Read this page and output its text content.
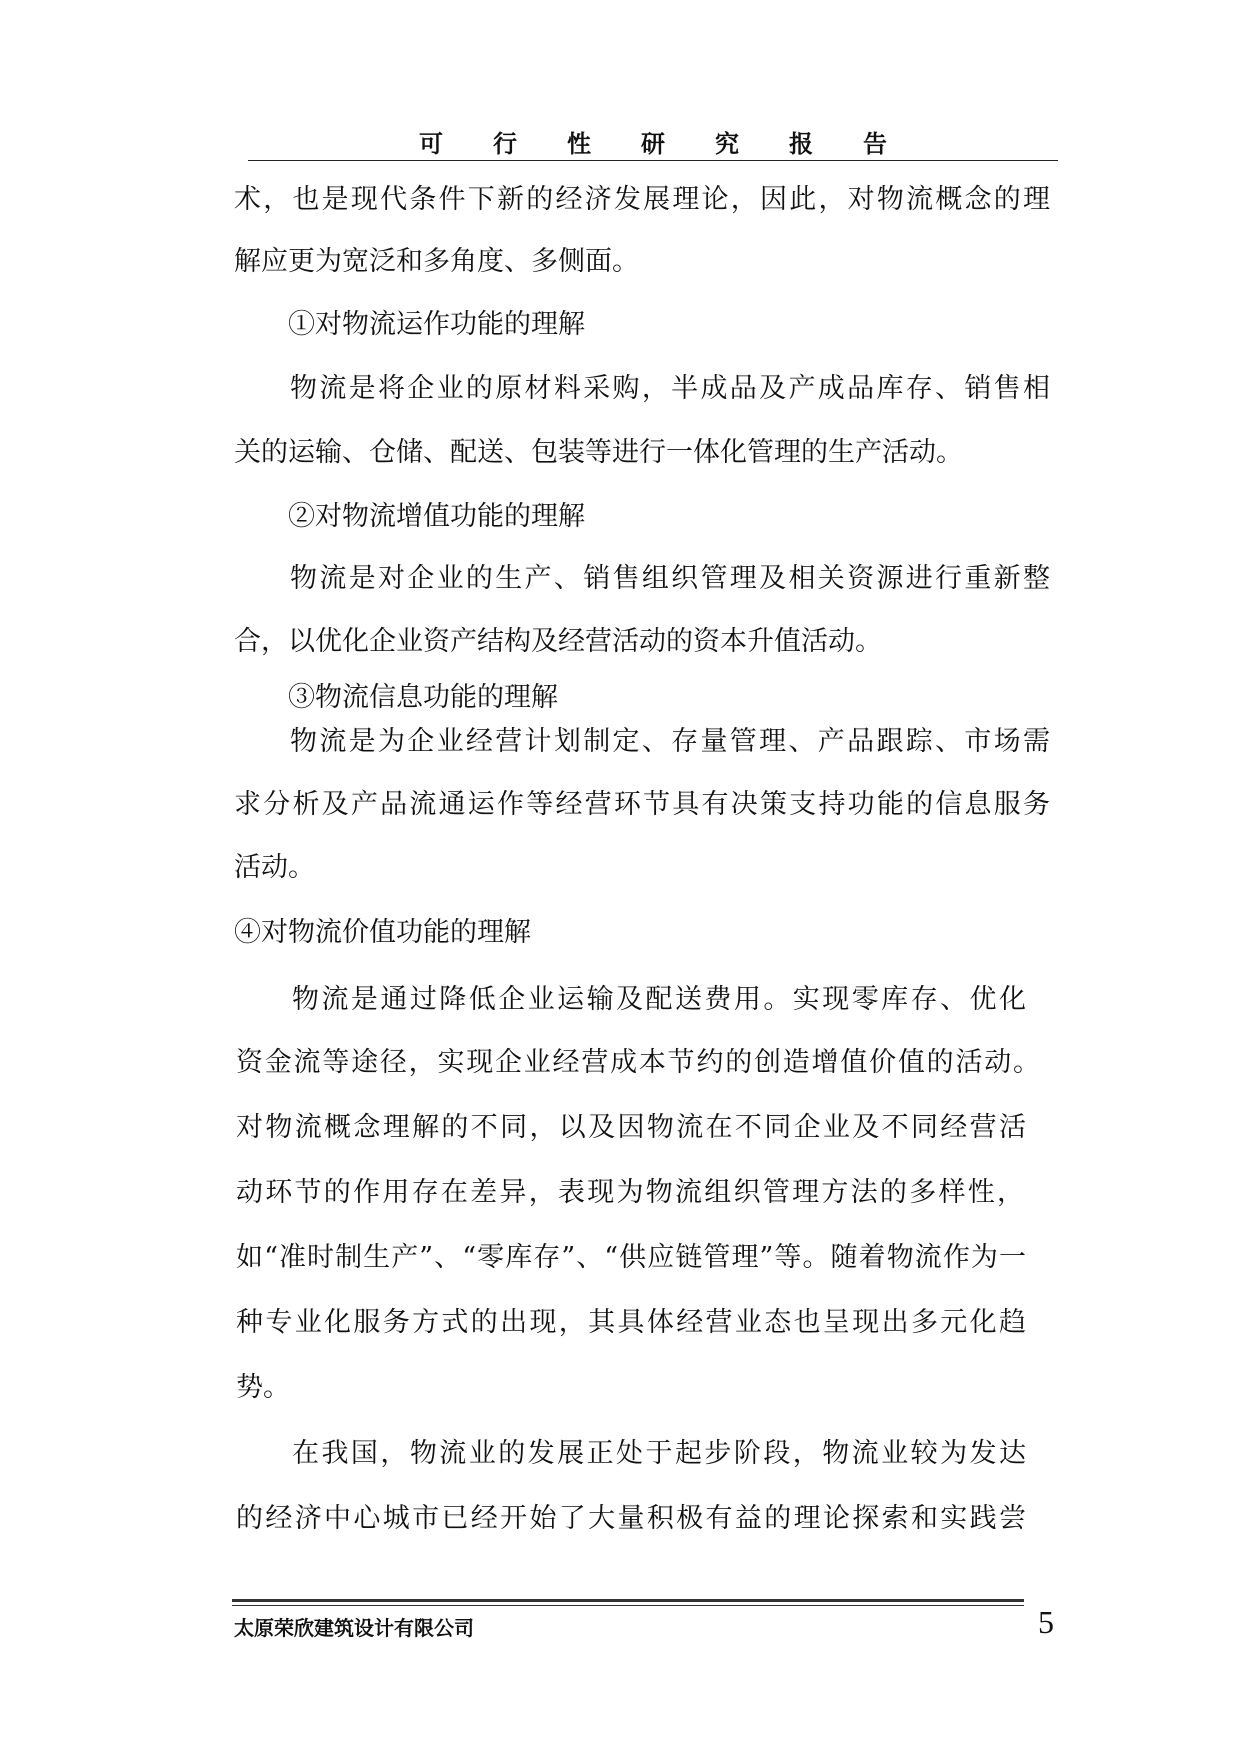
可行性研究报告
术，也是现代条件下新的经济发展理论，因此，对物流概念的理
解应更为宽泛和多角度、多侧面。
①对物流运作功能的理解
物流是将企业的原材料采购，半成品及产成品库存、销售相
关的运输、仓储、配送、包装等进行一体化管理的生产活动。
②对物流增值功能的理解
物流是对企业的生产、销售组织管理及相关资源进行重新整
合，以优化企业资产结构及经营活动的资本升值活动。
③物流信息功能的理解
物流是为企业经营计划制定、存量管理、产品跟踪、市场需
求分析及产品流通运作等经营环节具有决策支持功能的信息服务
活动。
④对物流价值功能的理解
物流是通过降低企业运输及配送费用。实现零库存、优化
资金流等途径，实现企业经营成本节约的创造增值价值的活动。
对物流概念理解的不同，以及因物流在不同企业及不同经营活
动环节的作用存在差异，表现为物流组织管理方法的多样性，
如“准时制生产”、“零库存”、“供应链管理”等。随着物流作为一
种专业化服务方式的出现，其具体经营业态也呈现出多元化趋
势。
在我国，物流业的发展正处于起步阶段，物流业较为发达
的经济中心城市已经开始了大量积极有益的理论探索和实践尝
太原荣欣建筑设计有限公司	5
